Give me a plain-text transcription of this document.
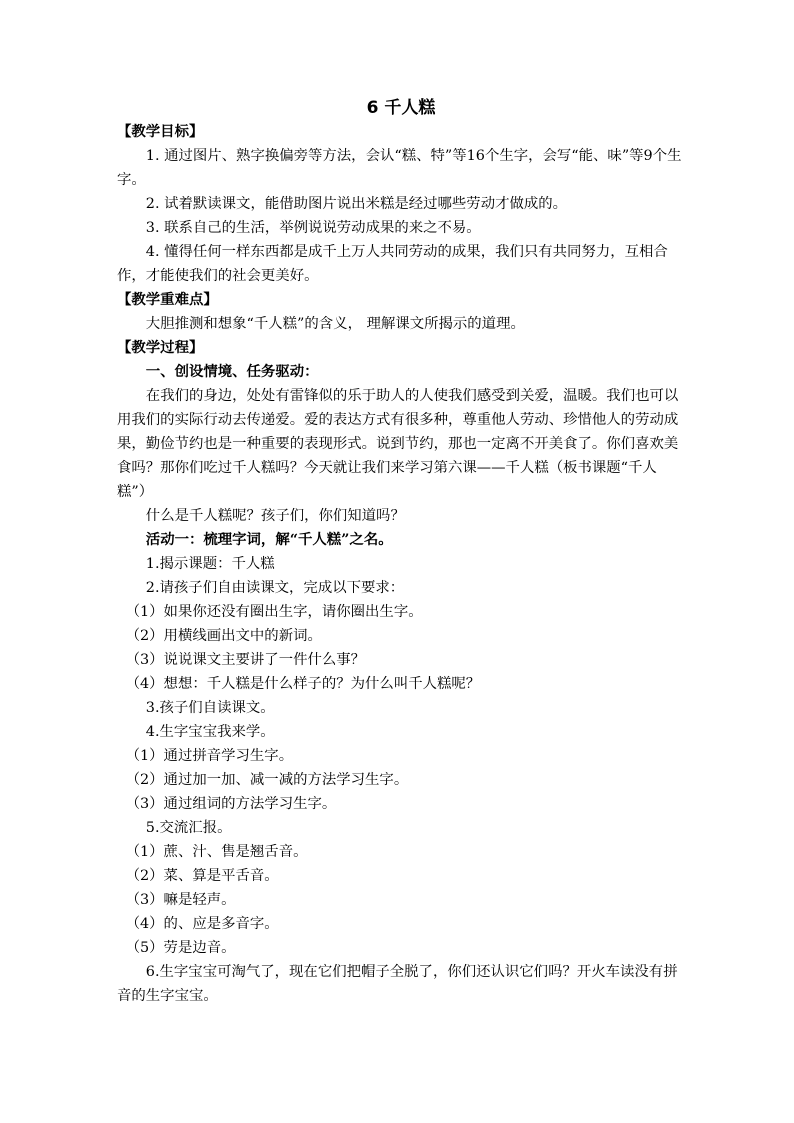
6 千人糕

【教学目标】

1. 通过图片、熟字换偏旁等方法，会认“糕、特”等16个生字，会写“能、味”等9个生字。

2. 试着默读课文，能借助图片说出米糕是经过哪些劳动才做成的。

3. 联系自己的生活，举例说说劳动成果的来之不易。

4. 懂得任何一样东西都是成千上万人共同劳动的成果，我们只有共同努力，互相合作，才能使我们的社会更美好。

【教学重难点】

大胆推测和想象“千人糕”的含义， 理解课文所揭示的道理。

【教学过程】

一、创设情境、任务驱动：

在我们的身边，处处有雷锋似的乐于助人的人使我们感受到关爱，温暖。我们也可以用我们的实际行动去传递爱。爱的表达方式有很多种，尊重他人劳动、珍惜他人的劳动成果，勤俭节约也是一种重要的表现形式。说到节约，那也一定离不开美食了。你们喜欢美食吗？那你们吃过千人糕吗？今天就让我们来学习第六课——千人糕（板书课题“千人糕”）

什么是千人糕呢？孩子们，你们知道吗？

活动一：梳理字词，解“千人糕”之名。

1.揭示课题：千人糕

2.请孩子们自由读课文，完成以下要求：

（1）如果你还没有圈出生字，请你圈出生字。

（2）用横线画出文中的新词。

（3）说说课文主要讲了一件什么事？

（4）想想：千人糕是什么样子的？为什么叫千人糕呢？

3.孩子们自读课文。

4.生字宝宝我来学。

（1）通过拼音学习生字。

（2）通过加一加、减一减的方法学习生字。

（3）通过组词的方法学习生字。

5.交流汇报。

（1）蔗、汁、售是翘舌音。

（2）菜、算是平舌音。

（3）嘛是轻声。

（4）的、应是多音字。

（5）劳是边音。

6.生字宝宝可淘气了，现在它们把帽子全脱了，你们还认识它们吗？开火车读没有拼音的生字宝宝。
